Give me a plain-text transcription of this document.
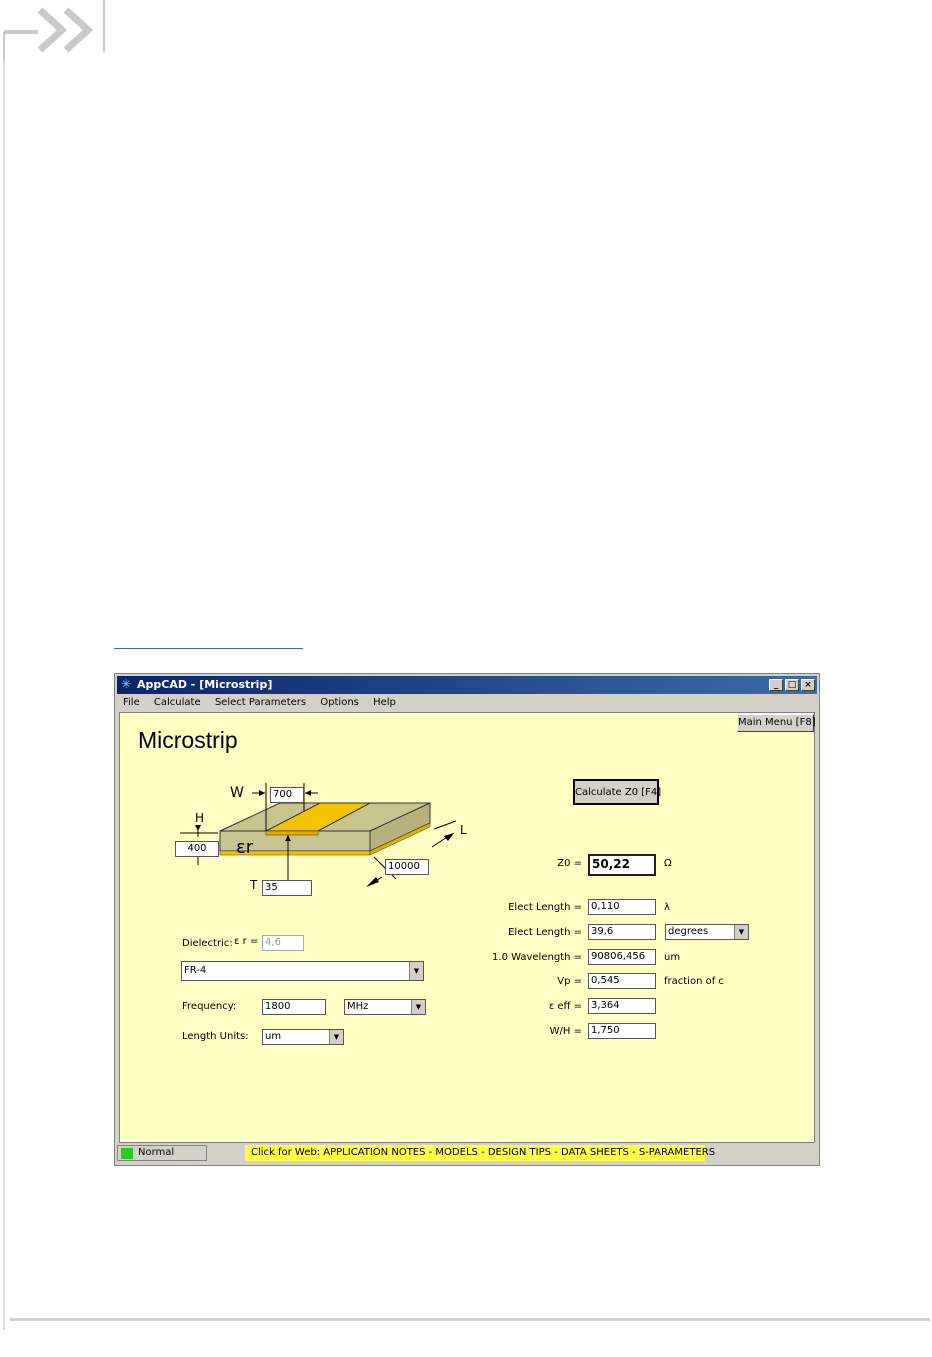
✳ AppCAD - [Microstrip]	_	□ ×
File Calculate Select Parameters Options Help
Main Menu [F8]
Microstrip
W	700
H
400	εr
T 35
L
10000
Dielectric: ε r = 4,6
FR-4	▼
Frequency:	1800	MHz	▼
Length Units:	um	▼
Calculate Z0 [F4]
Z0 = 50,22	Ω
Elect Length = 0,110	λ
Elect Length = 39,6	degrees	▼
1.0 Wavelength = 90806,456	um
Vp = 0,545	fraction of c
ε eff = 3,364
W/H = 1,750
Normal	Click for Web: APPLICATION NOTES - MODELS - DESIGN TIPS - DATA SHEETS - S-PARAMETERS
